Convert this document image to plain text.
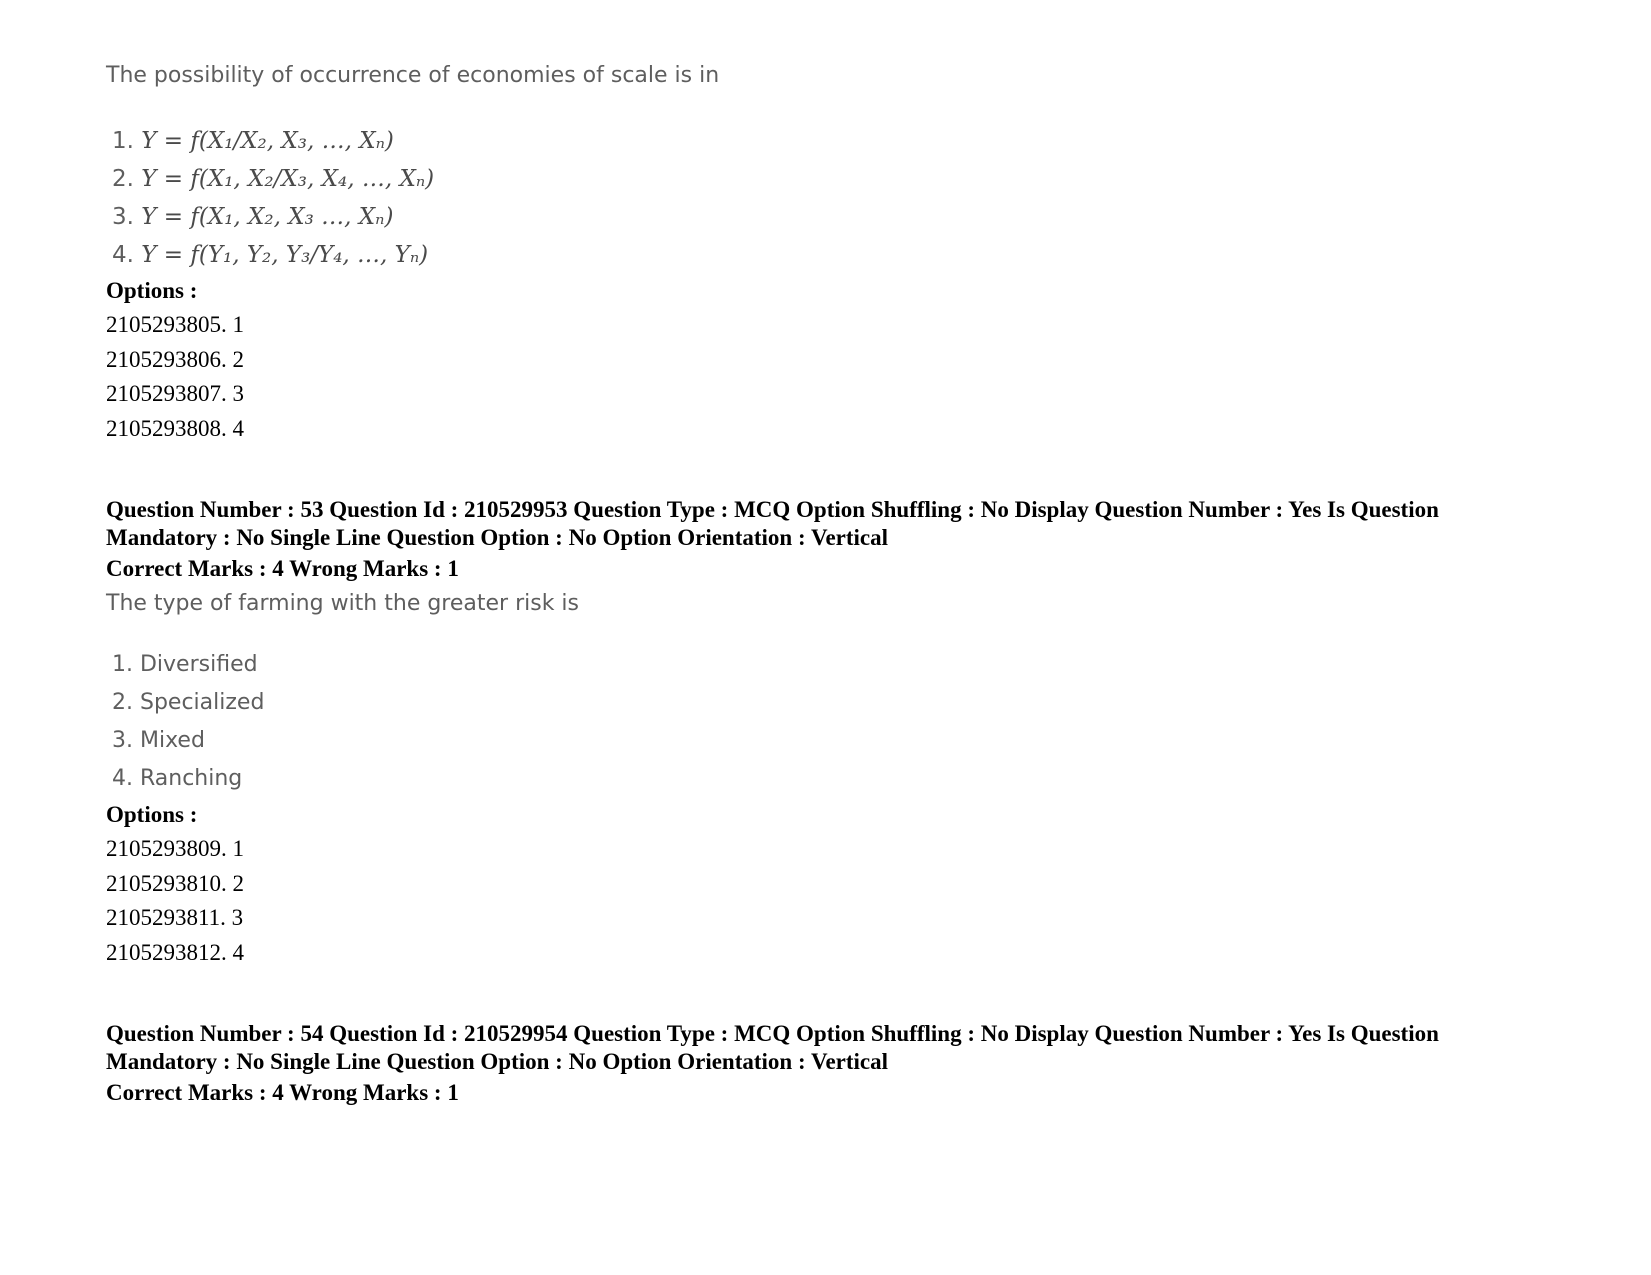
The possibility of occurrence of economies of scale is in

1. Y = f(X₁/X₂, X₃, …, Xₙ)
2. Y = f(X₁, X₂/X₃, X₄, …, Xₙ)
3. Y = f(X₁, X₂, X₃ …, Xₙ)
4. Y = f(Y₁, Y₂, Y₃/Y₄, …, Yₙ)

Options :

2105293805. 1

2105293806. 2

2105293807. 3

2105293808. 4

Question Number : 53 Question Id : 210529953 Question Type : MCQ Option Shuffling : No Display Question Number : Yes Is Question

Mandatory : No Single Line Question Option : No Option Orientation : Vertical

Correct Marks : 4 Wrong Marks : 1

The type of farming with the greater risk is

1. Diversified
2. Specialized
3. Mixed
4. Ranching

Options :

2105293809. 1

2105293810. 2

2105293811. 3

2105293812. 4

Question Number : 54 Question Id : 210529954 Question Type : MCQ Option Shuffling : No Display Question Number : Yes Is Question

Mandatory : No Single Line Question Option : No Option Orientation : Vertical

Correct Marks : 4 Wrong Marks : 1
